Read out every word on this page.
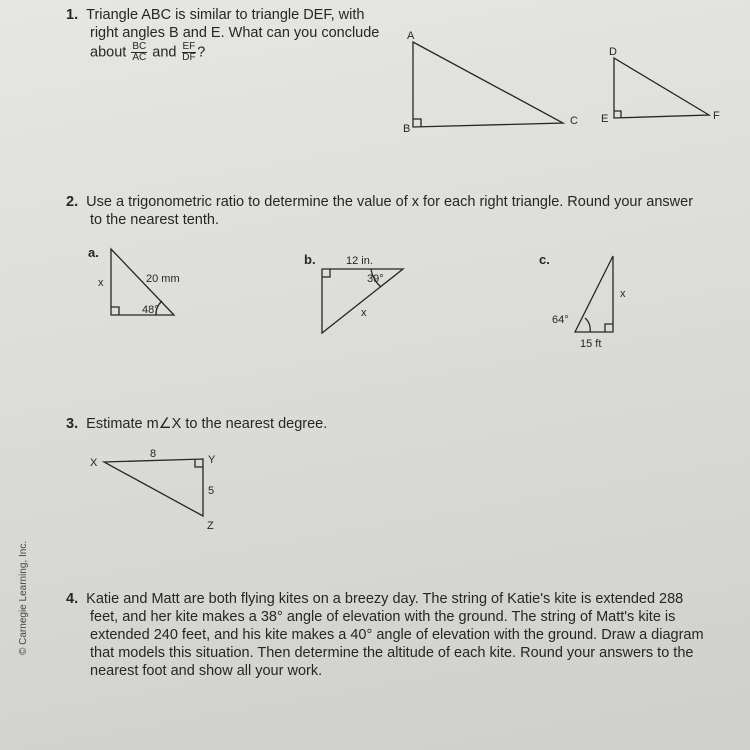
© Carnegie Learning, Inc.
1. Triangle ABC is similar to triangle DEF, with
right angles B and E. What can you conclude
about $\frac{BC}{AC}$ and $\frac{EF}{DF}$ ?
A
B
C
D
E	F
x	20 mm
48°
12 in.
39°
x
x
64°
15 ft
X	Y
Z
8
5
2. Use a trigonometric ratio to determine the value of x for each right triangle. Round your answer
to the nearest tenth.
a.	b.	c.
3. Estimate m∠X to the nearest degree.
4. Katie and Matt are both flying kites on a breezy day. The string of Katie's kite is extended 288
feet, and her kite makes a 38° angle of elevation with the ground. The string of Matt's kite is
extended 240 feet, and his kite makes a 40° angle of elevation with the ground. Draw a diagram
that models this situation. Then determine the altitude of each kite. Round your answers to the
nearest foot and show all your work.
